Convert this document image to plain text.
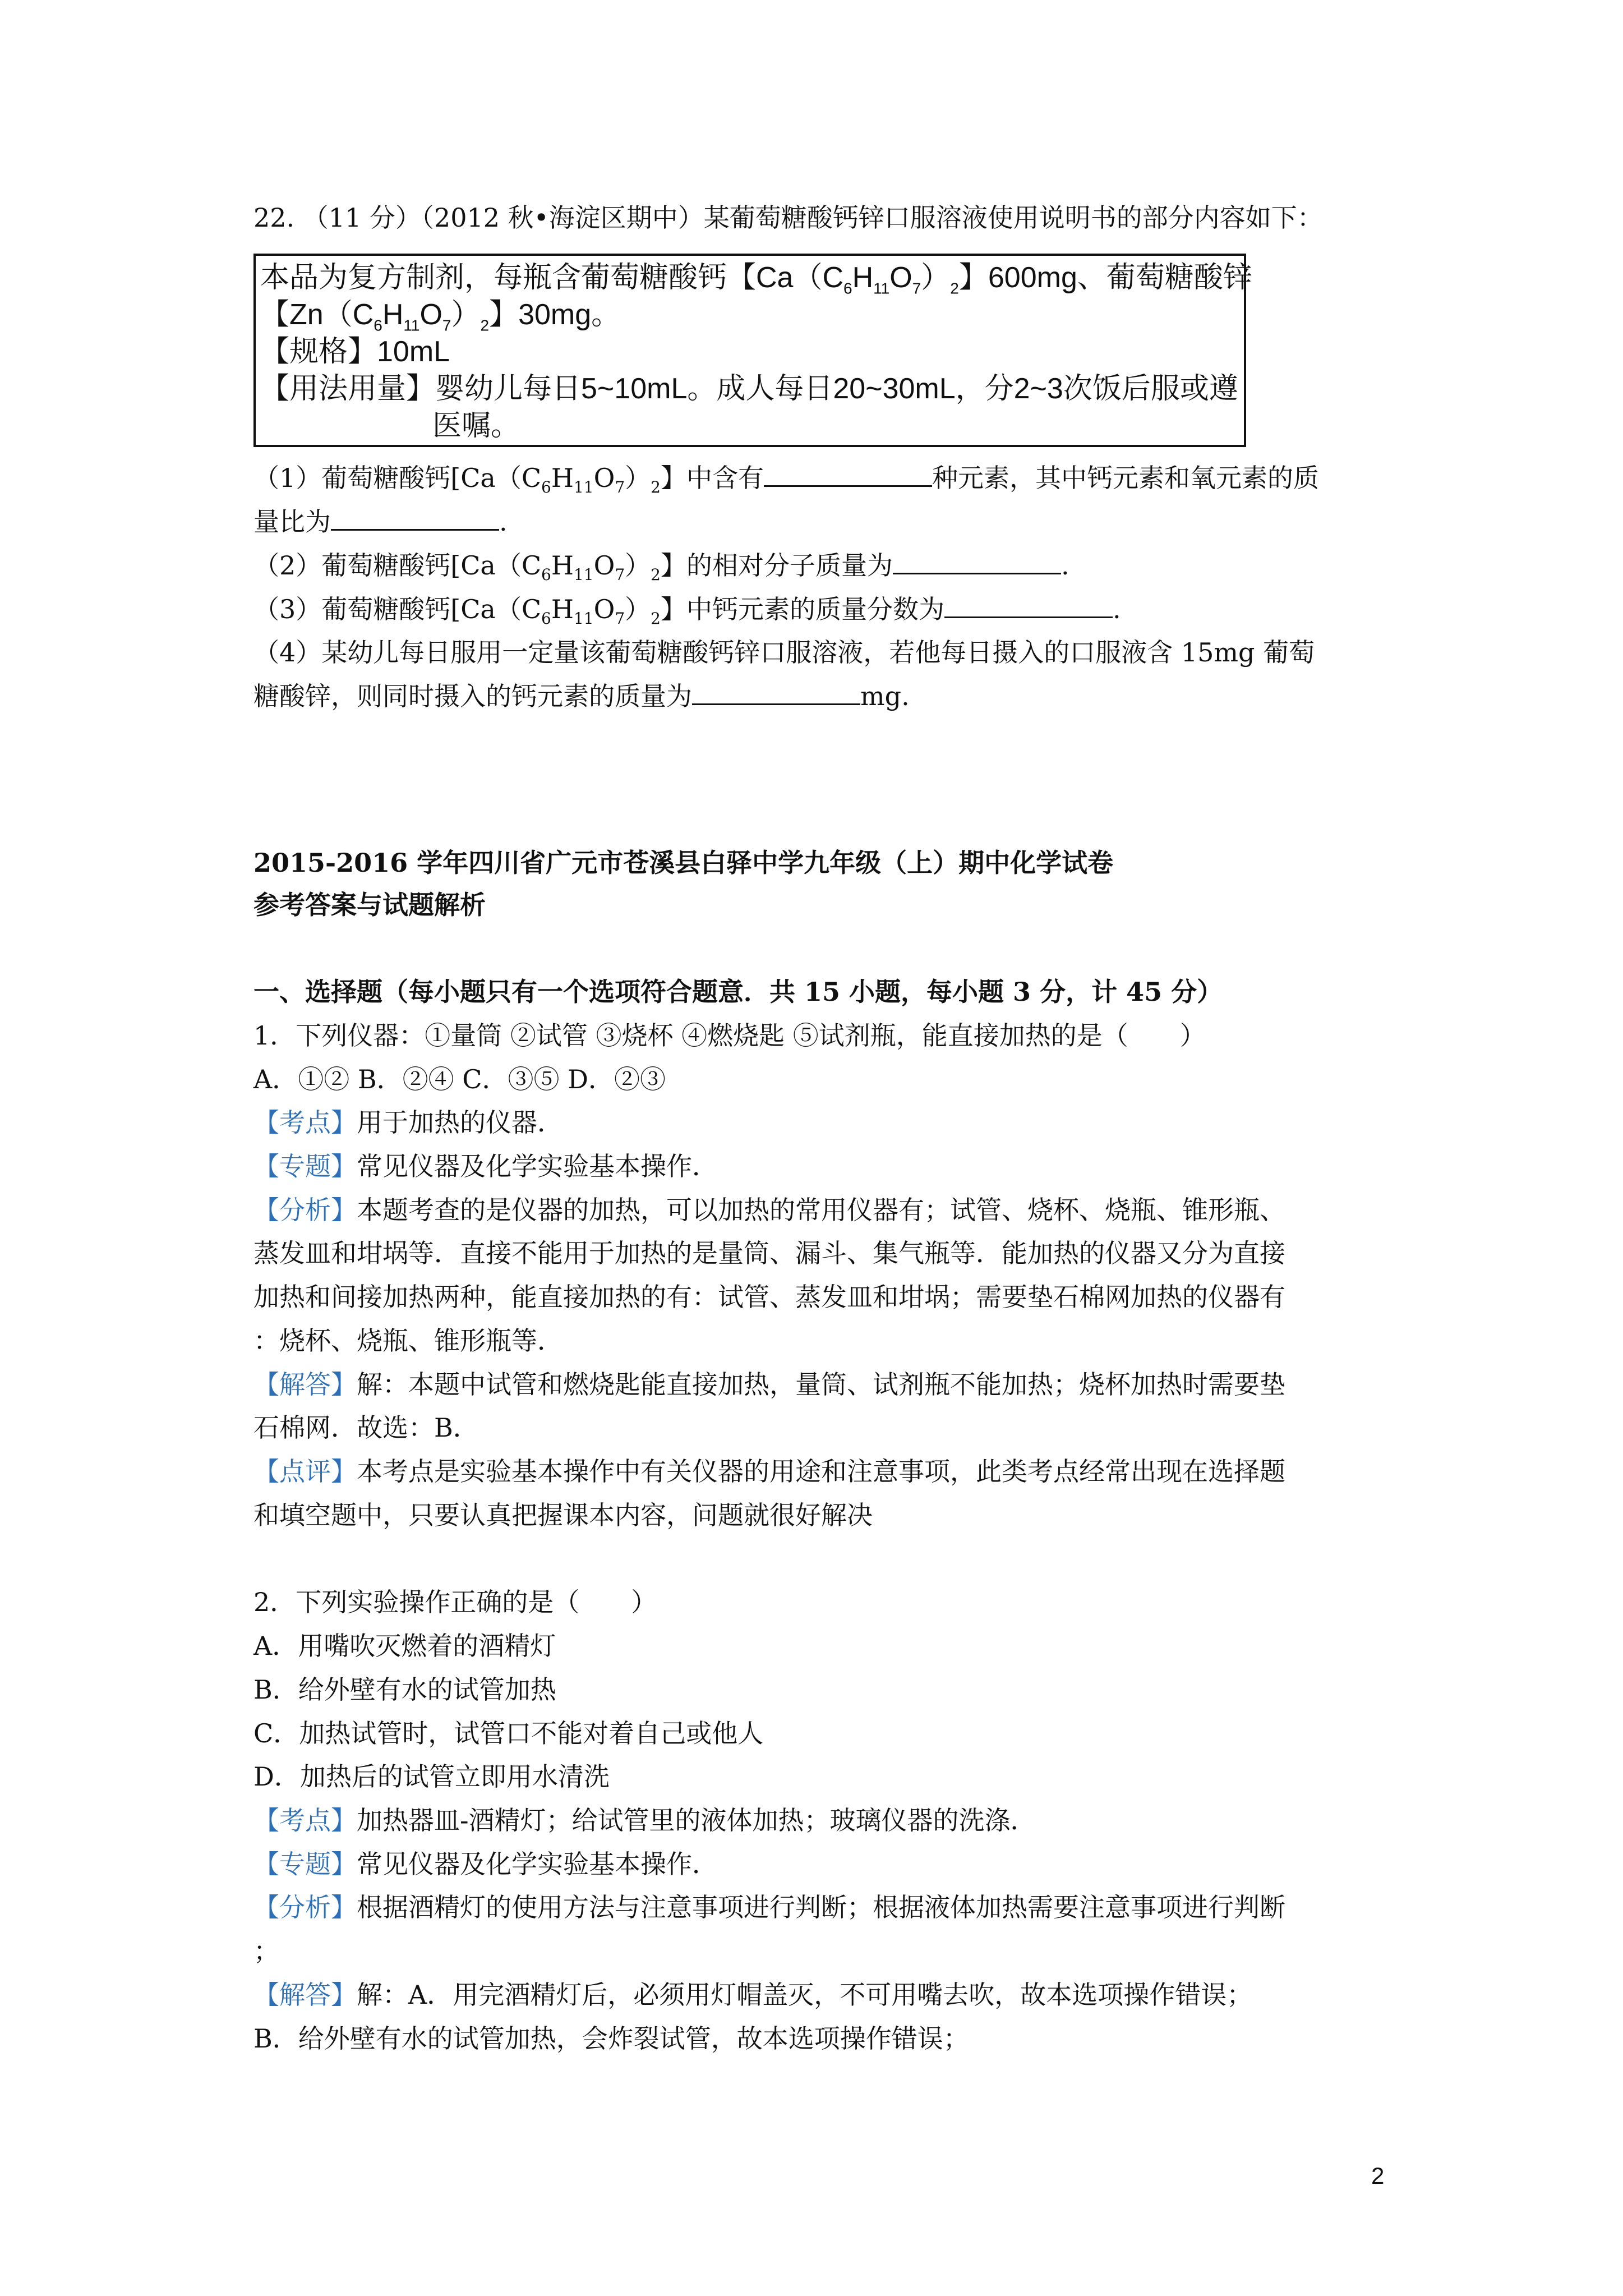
22. （11 分）（2012 秋•海淀区期中）某葡萄糖酸钙锌口服溶液使用说明书的部分内容如下：
本品为复方制剂，每瓶含葡萄糖酸钙【$Ca(C_6H_{11}O_7)_2$】600mg、葡萄糖酸锌
【$Zn(C_6H_{11}O_7)_2$】30mg。
【规格】10mL
【用法用量】婴幼儿每日5~10mL。成人每日20~30mL，分2~3次饭后服或遵
医嘱。
（1）葡萄糖酸钙[$Ca(C_6H_{11}O_7)_2$】中含有	种元素，其中钙元素和氧元素的质
量比为	.
（2）葡萄糖酸钙[$Ca(C_6H_{11}O_7)_2$】的相对分子质量为	.
（3）葡萄糖酸钙[$Ca(C_6H_{11}O_7)_2$】中钙元素的质量分数为	.
（4）某幼儿每日服用一定量该葡萄糖酸钙锌口服溶液，若他每日摄入的口服液含 15mg 葡萄
糖酸锌，则同时摄入的钙元素的质量为	mg.
2015-2016 学年四川省广元市苍溪县白驿中学九年级（上）期中化学试卷
参考答案与试题解析
一、选择题（每小题只有一个选项符合题意．共 15 小题，每小题 3 分，计 45 分）
1．下列仪器：①量筒 ②试管 ③烧杯 ④燃烧匙 ⑤试剂瓶，能直接加热的是（　　）
A．①② B．②④ C．③⑤ D．②③
【考点】用于加热的仪器．
【专题】常见仪器及化学实验基本操作．
【分析】本题考查的是仪器的加热，可以加热的常用仪器有；试管、烧杯、烧瓶、锥形瓶、
蒸发皿和坩埚等．直接不能用于加热的是量筒、漏斗、集气瓶等．能加热的仪器又分为直接
加热和间接加热两种，能直接加热的有：试管、蒸发皿和坩埚；需要垫石棉网加热的仪器有
：烧杯、烧瓶、锥形瓶等．
【解答】解：本题中试管和燃烧匙能直接加热，量筒、试剂瓶不能加热；烧杯加热时需要垫
石棉网．故选：B．
【点评】本考点是实验基本操作中有关仪器的用途和注意事项，此类考点经常出现在选择题
和填空题中，只要认真把握课本内容，问题就很好解决
2．下列实验操作正确的是（　　）
A．用嘴吹灭燃着的酒精灯
B．给外壁有水的试管加热
C．加热试管时，试管口不能对着自己或他人
D．加热后的试管立即用水清洗
【考点】加热器皿-酒精灯；给试管里的液体加热；玻璃仪器的洗涤．
【专题】常见仪器及化学实验基本操作．
【分析】根据酒精灯的使用方法与注意事项进行判断；根据液体加热需要注意事项进行判断
；
【解答】解：A．用完酒精灯后，必须用灯帽盖灭，不可用嘴去吹，故本选项操作错误；
B．给外壁有水的试管加热，会炸裂试管，故本选项操作错误；
2
